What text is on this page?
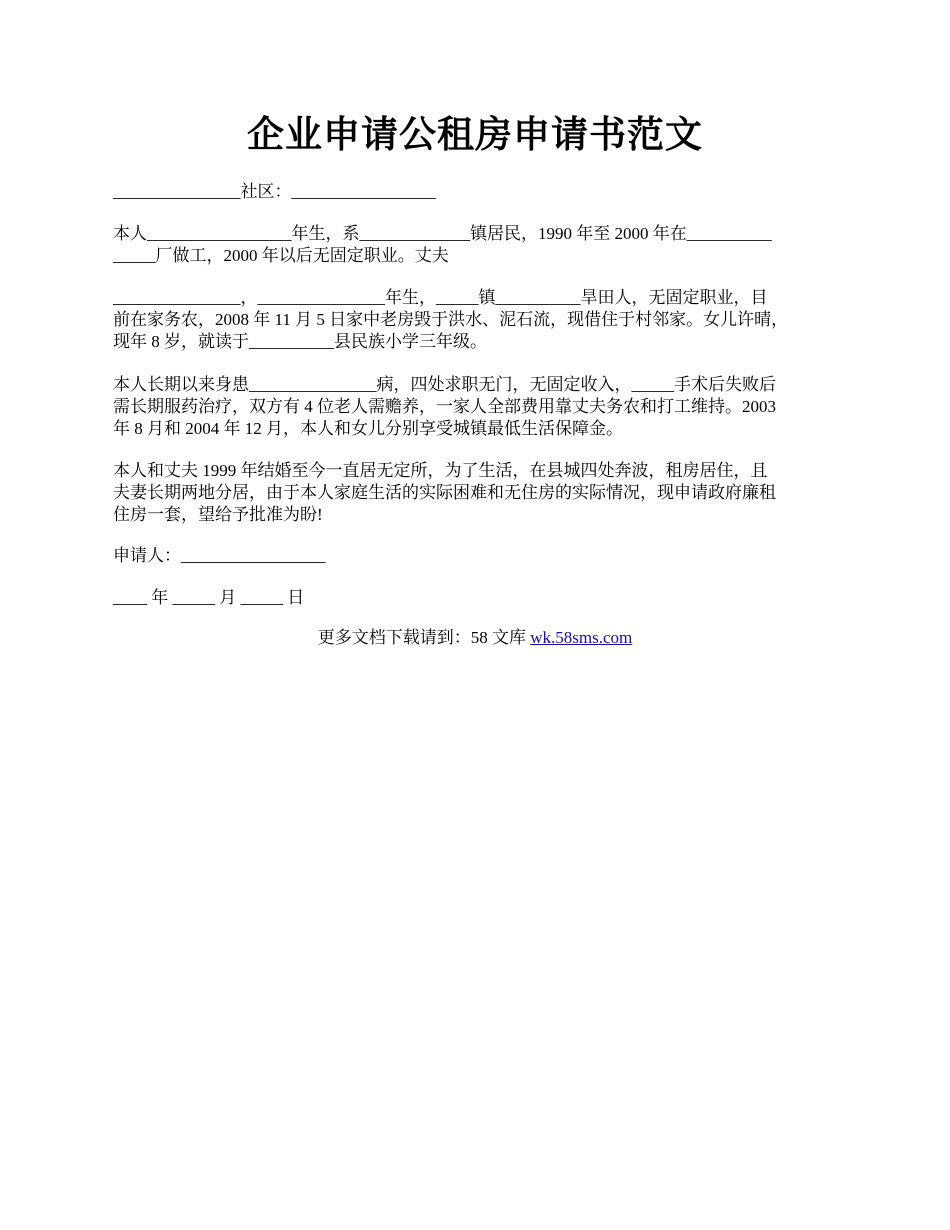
企业申请公租房申请书范文
_______________社区：_________________
本人_________________年生，系_____________镇居民，1990 年至 2000 年在__________
_____厂做工，2000 年以后无固定职业。丈夫
_______________，_______________年生，_____镇__________旱田人，无固定职业，目
前在家务农，2008 年 11 月 5 日家中老房毁于洪水、泥石流，现借住于村邻家。女儿许晴，
现年 8 岁，就读于__________县民族小学三年级。
本人长期以来身患_______________病，四处求职无门，无固定收入，_____手术后失败后
需长期服药治疗，双方有 4 位老人需赡养，一家人全部费用靠丈夫务农和打工维持。2003
年 8 月和 2004 年 12 月，本人和女儿分别享受城镇最低生活保障金。
本人和丈夫 1999 年结婚至今一直居无定所，为了生活，在县城四处奔波，租房居住，且
夫妻长期两地分居，由于本人家庭生活的实际困难和无住房的实际情况，现申请政府廉租
住房一套，望给予批准为盼!
申请人：_________________
____ 年 _____ 月 _____ 日
更多文档下载请到：58 文库 wk.58sms.com
